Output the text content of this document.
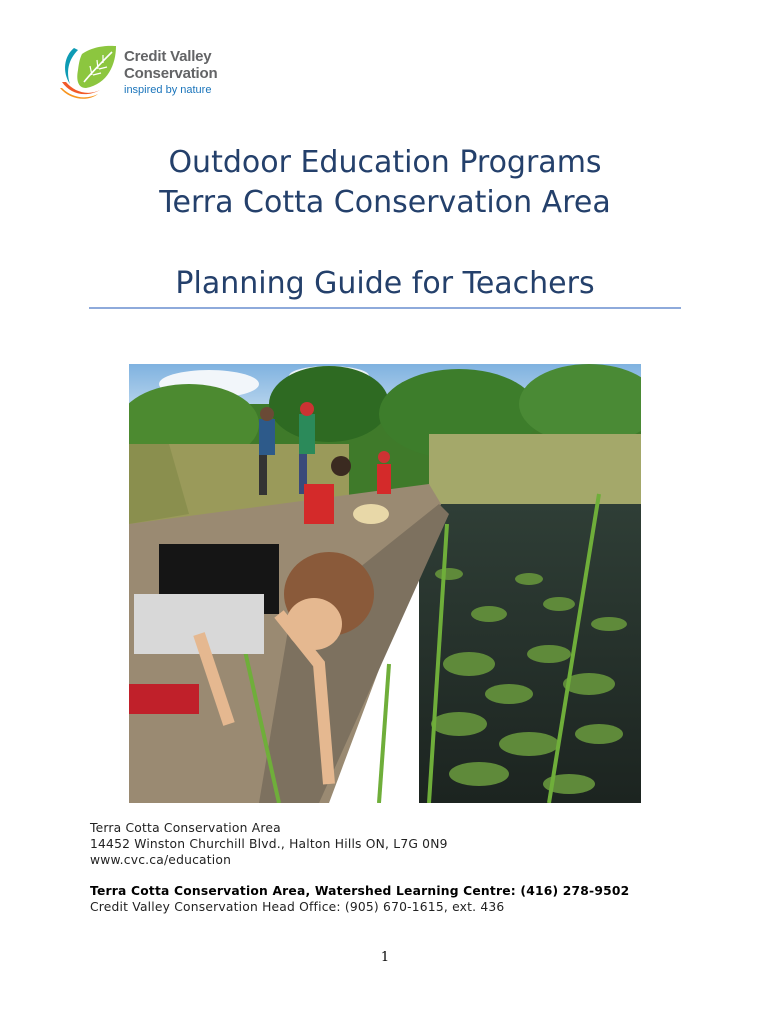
Credit Valley
Conservation
inspired by nature
Outdoor Education Programs
Terra Cotta Conservation Area
Planning Guide for Teachers
Terra Cotta Conservation Area
14452 Winston Churchill Blvd., Halton Hills ON, L7G 0N9
www.cvc.ca/education
Terra Cotta Conservation Area, Watershed Learning Centre: (416) 278-9502
Credit Valley Conservation Head Office: (905) 670-1615, ext. 436
1
